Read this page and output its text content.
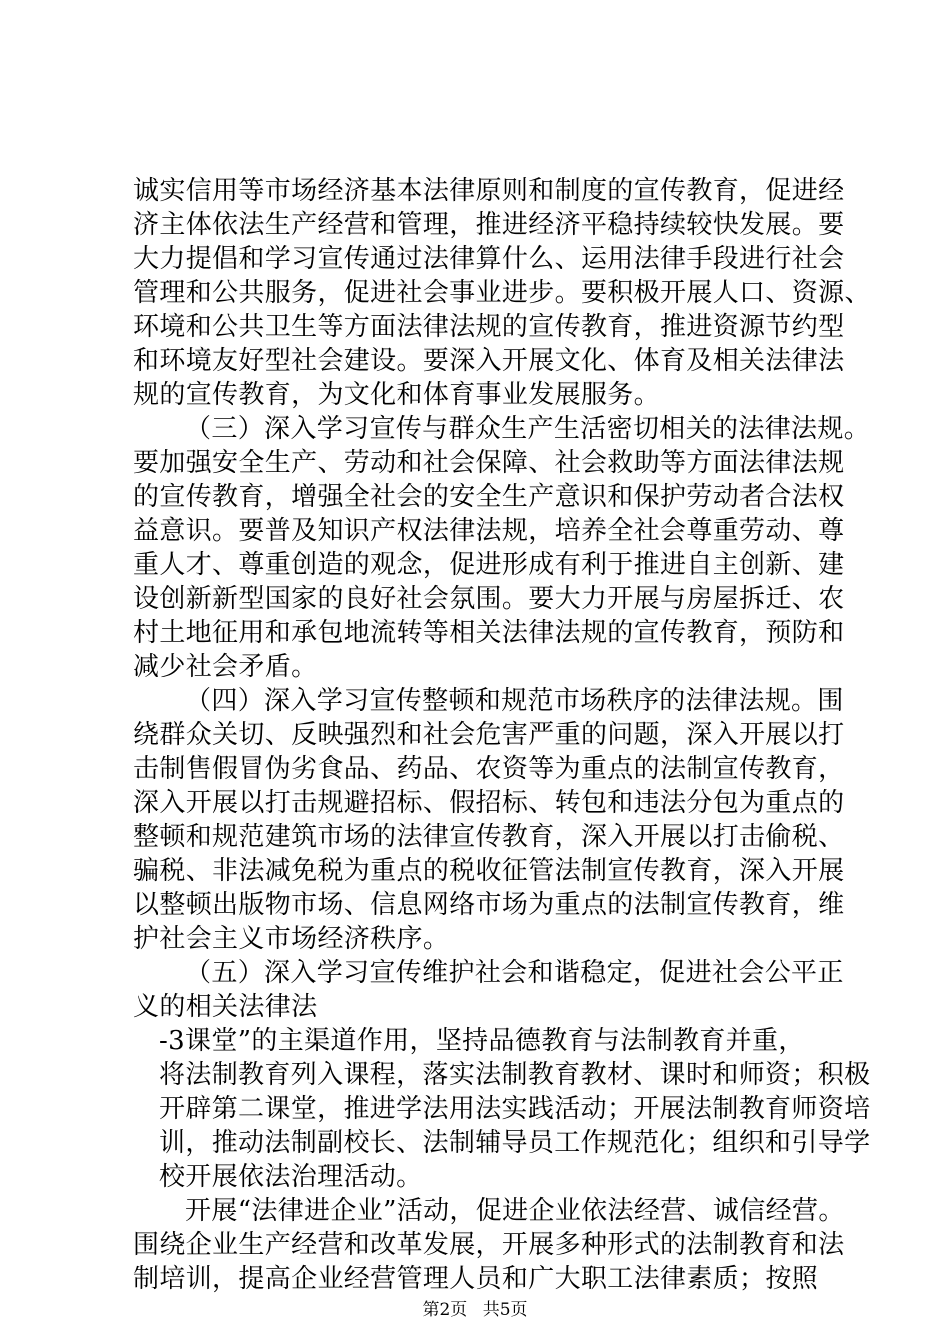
诚实信用等市场经济基本法律原则和制度的宣传教育，促进经
济主体依法生产经营和管理，推进经济平稳持续较快发展。要
大力提倡和学习宣传通过法律算什么、运用法律手段进行社会
管理和公共服务，促进社会事业进步。要积极开展人口、资源、
环境和公共卫生等方面法律法规的宣传教育，推进资源节约型
和环境友好型社会建设。要深入开展文化、体育及相关法律法
规的宣传教育，为文化和体育事业发展服务。
（三）深入学习宣传与群众生产生活密切相关的法律法规。
要加强安全生产、劳动和社会保障、社会救助等方面法律法规
的宣传教育，增强全社会的安全生产意识和保护劳动者合法权
益意识。要普及知识产权法律法规，培养全社会尊重劳动、尊
重人才、尊重创造的观念，促进形成有利于推进自主创新、建
设创新新型国家的良好社会氛围。要大力开展与房屋拆迁、农
村土地征用和承包地流转等相关法律法规的宣传教育，预防和
减少社会矛盾。
（四）深入学习宣传整顿和规范市场秩序的法律法规。围
绕群众关切、反映强烈和社会危害严重的问题，深入开展以打
击制售假冒伪劣食品、药品、农资等为重点的法制宣传教育，
深入开展以打击规避招标、假招标、转包和违法分包为重点的
整顿和规范建筑市场的法律宣传教育，深入开展以打击偷税、
骗税、非法减免税为重点的税收征管法制宣传教育，深入开展
以整顿出版物市场、信息网络市场为重点的法制宣传教育，维
护社会主义市场经济秩序。
（五）深入学习宣传维护社会和谐稳定，促进社会公平正
义的相关法律法
-3课堂”的主渠道作用，坚持品德教育与法制教育并重，
将法制教育列入课程，落实法制教育教材、课时和师资；积极
开辟第二课堂，推进学法用法实践活动；开展法制教育师资培
训，推动法制副校长、法制辅导员工作规范化；组织和引导学
校开展依法治理活动。
开展“法律进企业”活动，促进企业依法经营、诚信经营。
围绕企业生产经营和改革发展，开展多种形式的法制教育和法
制培训，提高企业经营管理人员和广大职工法律素质；按照
第2页 共5页
